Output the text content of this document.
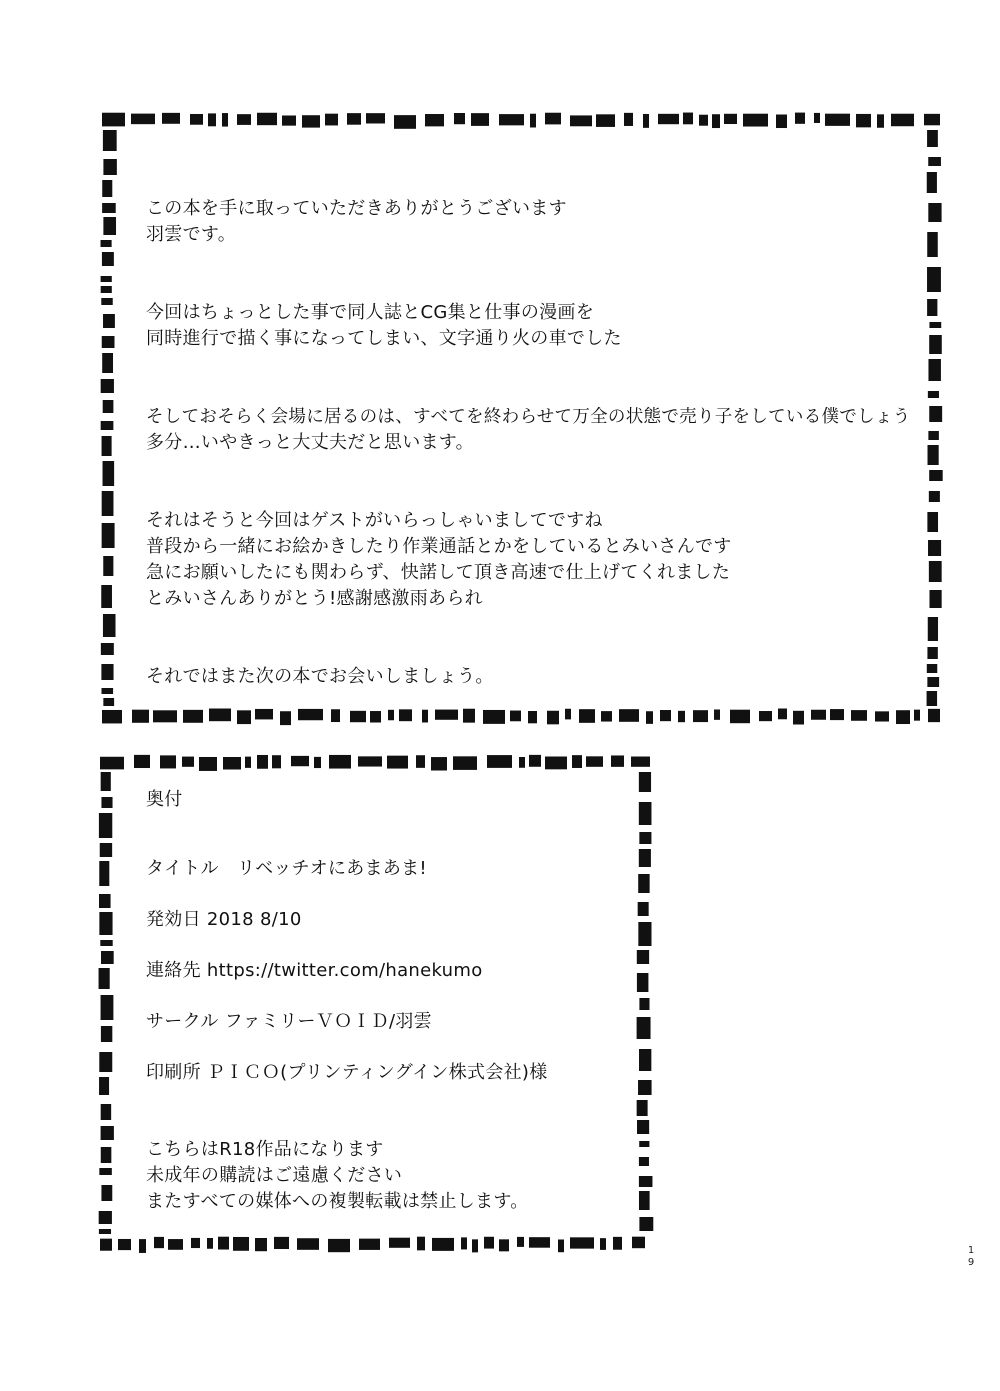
この本を手に取っていただきありがとうございます
羽雲です。

今回はちょっとした事で同人誌とCG集と仕事の漫画を
同時進行で描く事になってしまい、文字通り火の車でした

そしておそらく会場に居るのは、すべてを終わらせて万全の状態で売り子をしている僕でしょう
多分…いやきっと大丈夫だと思います。

それはそうと今回はゲストがいらっしゃいましてですね
普段から一緒にお絵かきしたり作業通話とかをしているとみいさんです
急にお願いしたにも関わらず、快諾して頂き高速で仕上げてくれました
とみいさんありがとう!感謝感激雨あられ

それではまた次の本でお会いしましょう。

奥付
タイトル　リベッチオにあまあま!
発効日 2018 8/10
連絡先 https://twitter.com/hanekumo
サークル ファミリーＶＯＩＤ/羽雲
印刷所 ＰＩＣＯ(プリンティングイン株式会社)様
こちらはR18作品になります
未成年の購読はご遠慮ください
またすべての媒体への複製転載は禁止します。
1
9
